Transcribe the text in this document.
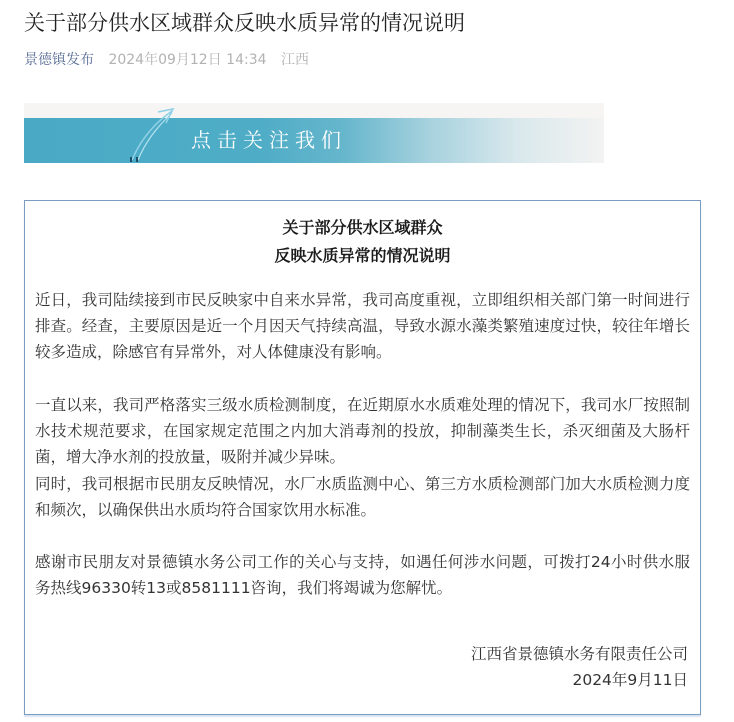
关于部分供水区域群众反映水质异常的情况说明
景德镇发布 2024年09月12日 14:34 江西
点击关注我们
关于部分供水区域群众
反映水质异常的情况说明

近日，我司陆续接到市民反映家中自来水异常，我司高度重视，立即组织相关部门第一时间进行排查。经查，主要原因是近一个月因天气持续高温，导致水源水藻类繁殖速度过快，较往年增长较多造成，除感官有异常外，对人体健康没有影响。

一直以来，我司严格落实三级水质检测制度，在近期原水水质难处理的情况下，我司水厂按照制水技术规范要求，在国家规定范围之内加大消毒剂的投放，抑制藻类生长，杀灭细菌及大肠杆菌，增大净水剂的投放量，吸附并减少异味。

同时，我司根据市民朋友反映情况，水厂水质监测中心、第三方水质检测部门加大水质检测力度和频次，以确保供出水质均符合国家饮用水标准。

感谢市民朋友对景德镇水务公司工作的关心与支持，如遇任何涉水问题，可拨打24小时供水服务热线96330转13或8581111咨询，我们将竭诚为您解忧。

江西省景德镇水务有限责任公司
2024年9月11日
